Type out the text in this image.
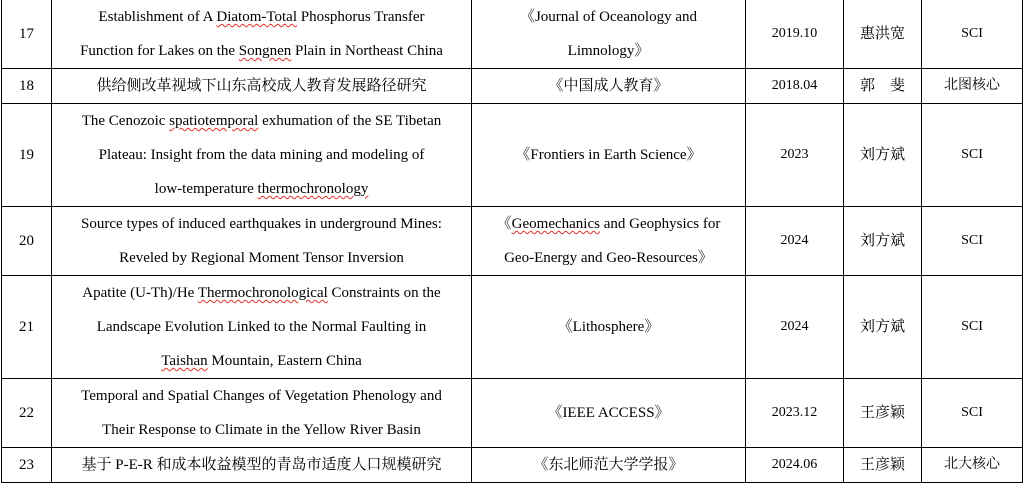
17	Establishment of A Diatom-Total Phosphorus Transfer
Function for Lakes on the Songnen Plain in Northeast China	《Journal of Oceanology and
Limnology》	2019.10	惠洪宽	SCI
18	供给侧改革视域下山东高校成人教育发展路径研究	《中国成人教育》	2018.04	郭　斐	北图核心
19	The Cenozoic spatiotemporal exhumation of the SE Tibetan
Plateau: Insight from the data mining and modeling of
low-temperature thermochronology	《Frontiers in Earth Science》	2023	刘方斌	SCI
20	Source types of induced earthquakes in underground Mines:
Reveled by Regional Moment Tensor Inversion	《Geomechanics and Geophysics for
Geo-Energy and Geo-Resources》	2024	刘方斌	SCI
21	Apatite (U-Th)/He Thermochronological Constraints on the
Landscape Evolution Linked to the Normal Faulting in
Taishan Mountain, Eastern China	《Lithosphere》	2024	刘方斌	SCI
22	Temporal and Spatial Changes of Vegetation Phenology and
Their Response to Climate in the Yellow River Basin	《IEEE ACCESS》	2023.12	王彦颖	SCI
23	基于 P-E-R 和成本收益模型的青岛市适度人口规模研究	《东北师范大学学报》	2024.06	王彦颖	北大核心
